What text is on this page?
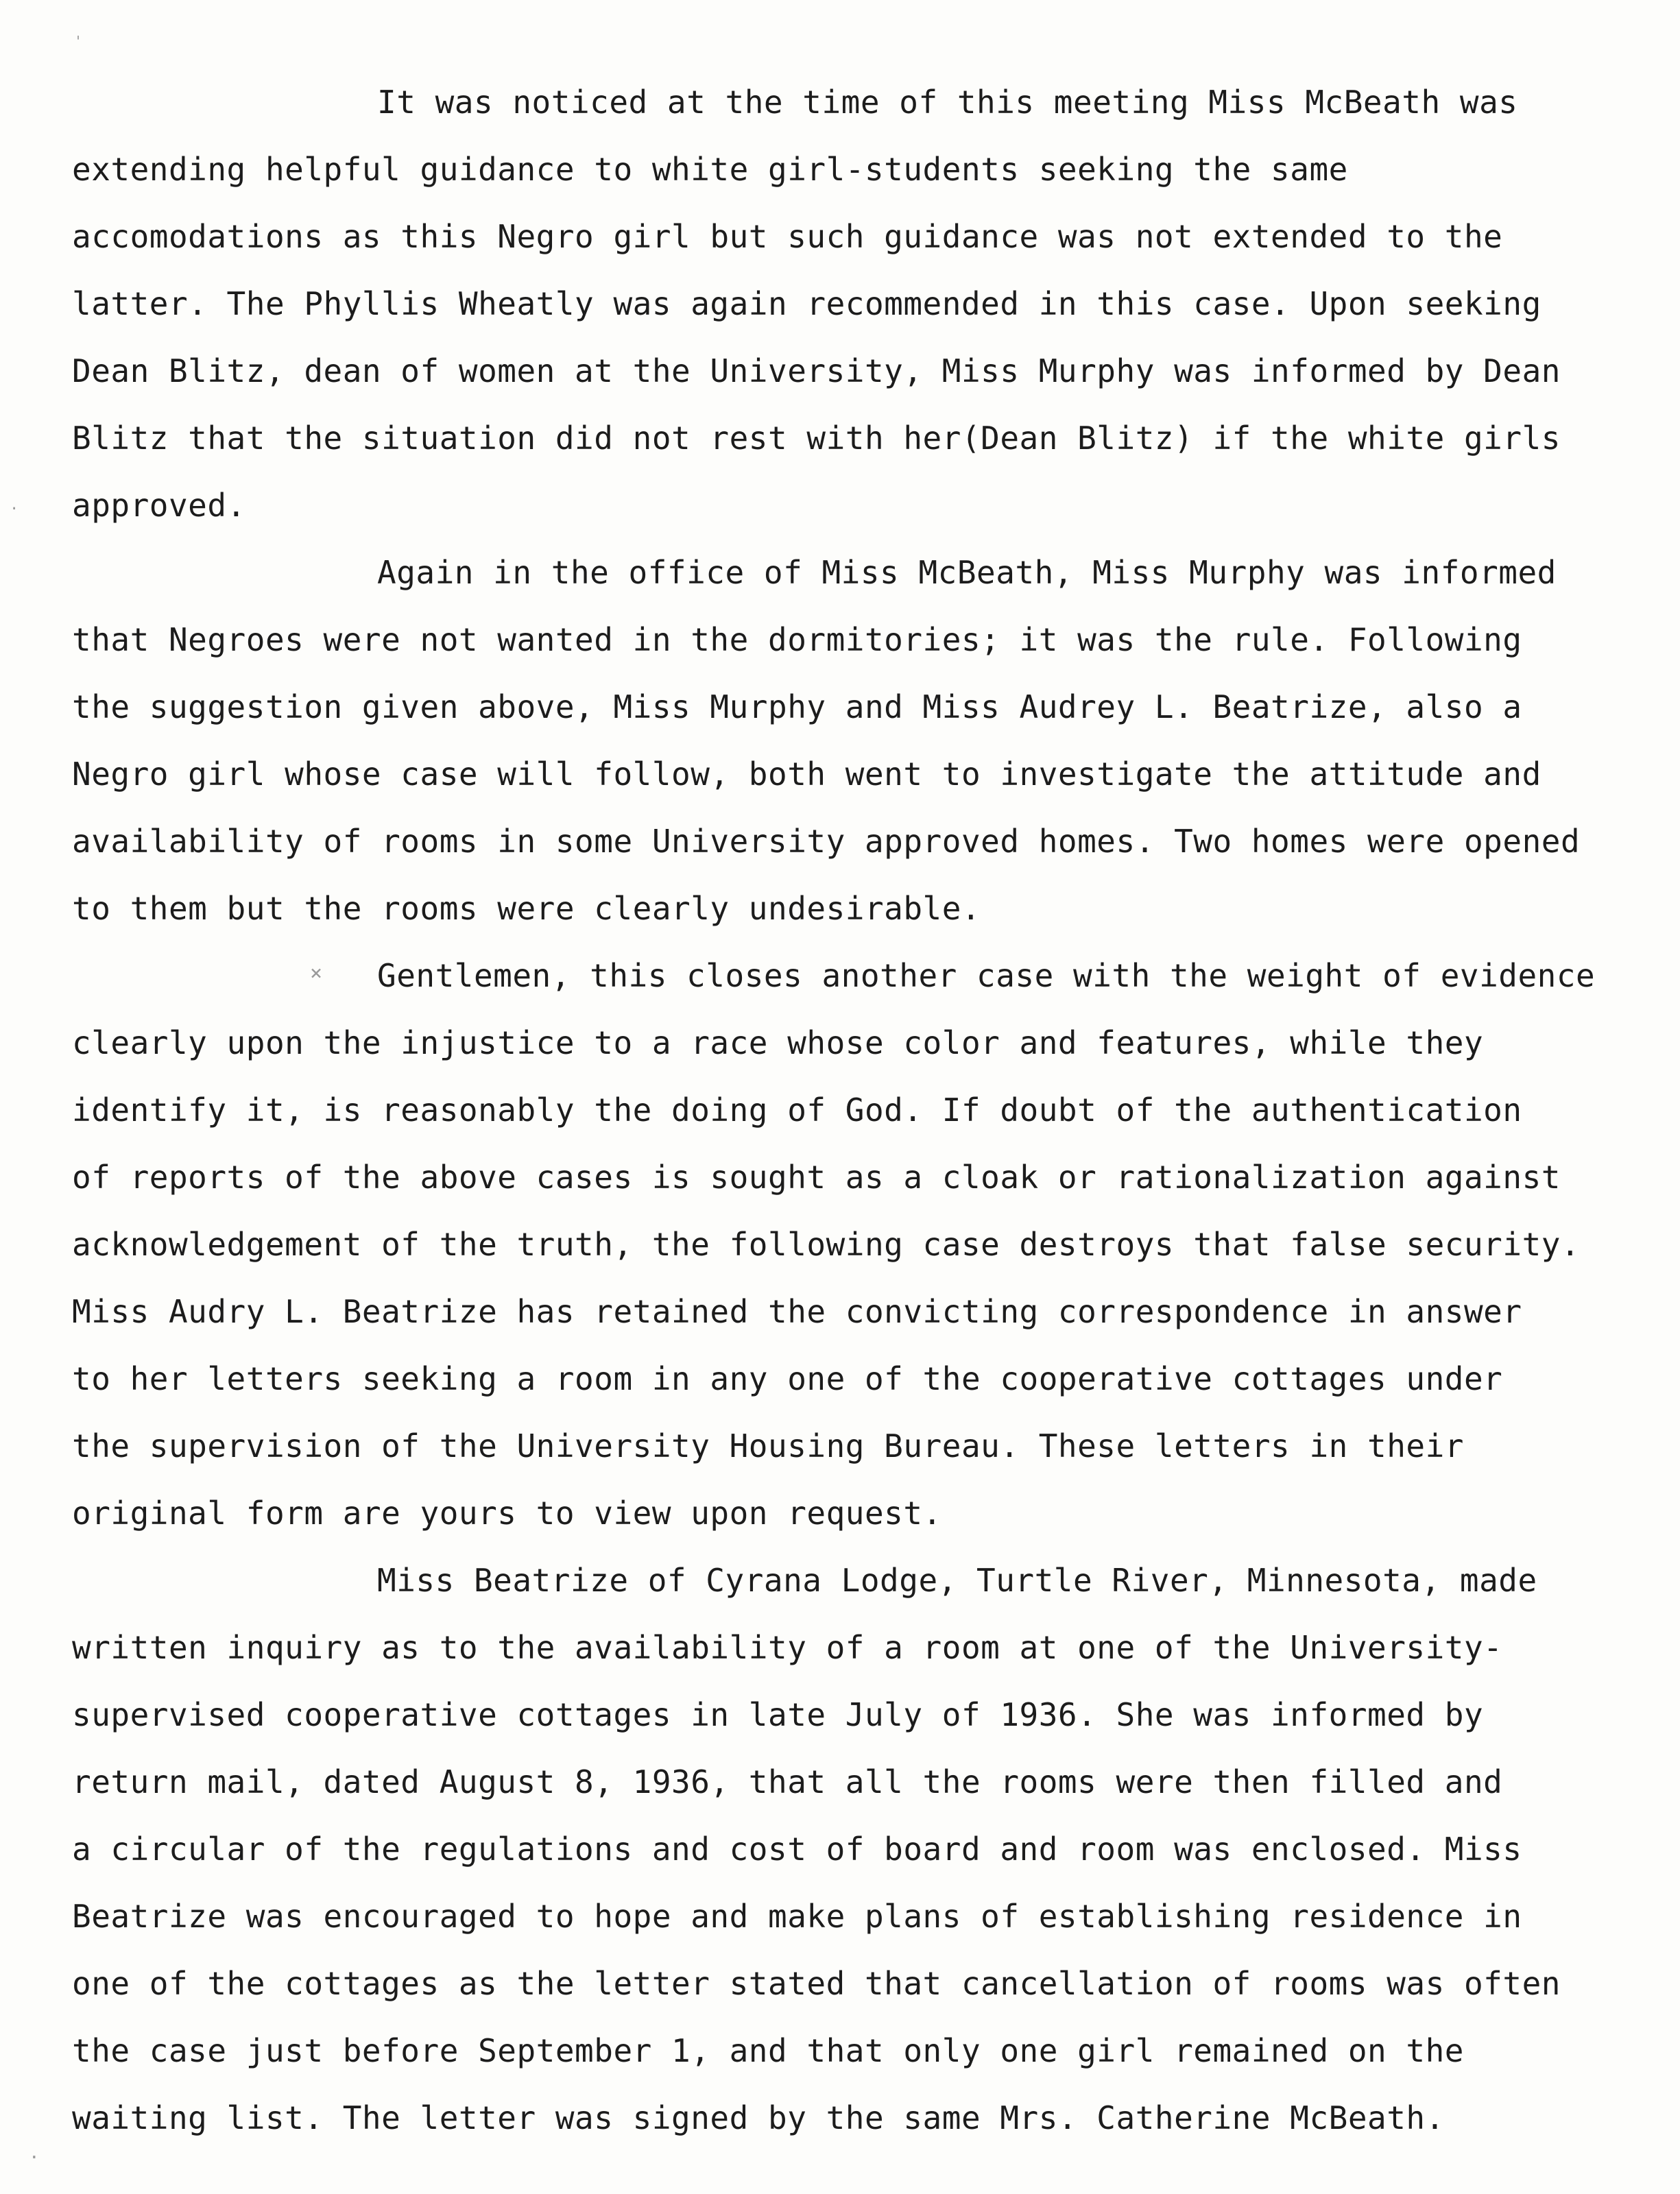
It was noticed at the time of this meeting Miss McBeath was
extending helpful guidance to white girl-students seeking the same
accomodations as this Negro girl but such guidance was not extended to the
latter. The Phyllis Wheatly was again recommended in this case. Upon seeking
Dean Blitz, dean of women at the University, Miss Murphy was informed by Dean
Blitz that the situation did not rest with her(Dean Blitz) if the white girls
approved.
Again in the office of Miss McBeath, Miss Murphy was informed
that Negroes were not wanted in the dormitories; it was the rule. Following
the suggestion given above, Miss Murphy and Miss Audrey L. Beatrize, also a
Negro girl whose case will follow, both went to investigate the attitude and
availability of rooms in some University approved homes. Two homes were opened
to them but the rooms were clearly undesirable.
Gentlemen, this closes another case with the weight of evidence
clearly upon the injustice to a race whose color and features, while they
identify it, is reasonably the doing of God. If doubt of the authentication
of reports of the above cases is sought as a cloak or rationalization against
acknowledgement of the truth, the following case destroys that false security.
Miss Audry L. Beatrize has retained the convicting correspondence in answer
to her letters seeking a room in any one of the cooperative cottages under
the supervision of the University Housing Bureau. These letters in their
original form are yours to view upon request.
Miss Beatrize of Cyrana Lodge, Turtle River, Minnesota, made
written inquiry as to the availability of a room at one of the University-
supervised cooperative cottages in late July of 1936. She was informed by
return mail, dated August 8, 1936, that all the rooms were then filled and
a circular of the regulations and cost of board and room was enclosed. Miss
Beatrize was encouraged to hope and make plans of establishing residence in
one of the cottages as the letter stated that cancellation of rooms was often
the case just before September 1, and that only one girl remained on the
waiting list. The letter was signed by the same Mrs. Catherine McBeath.
'
·
×
·
